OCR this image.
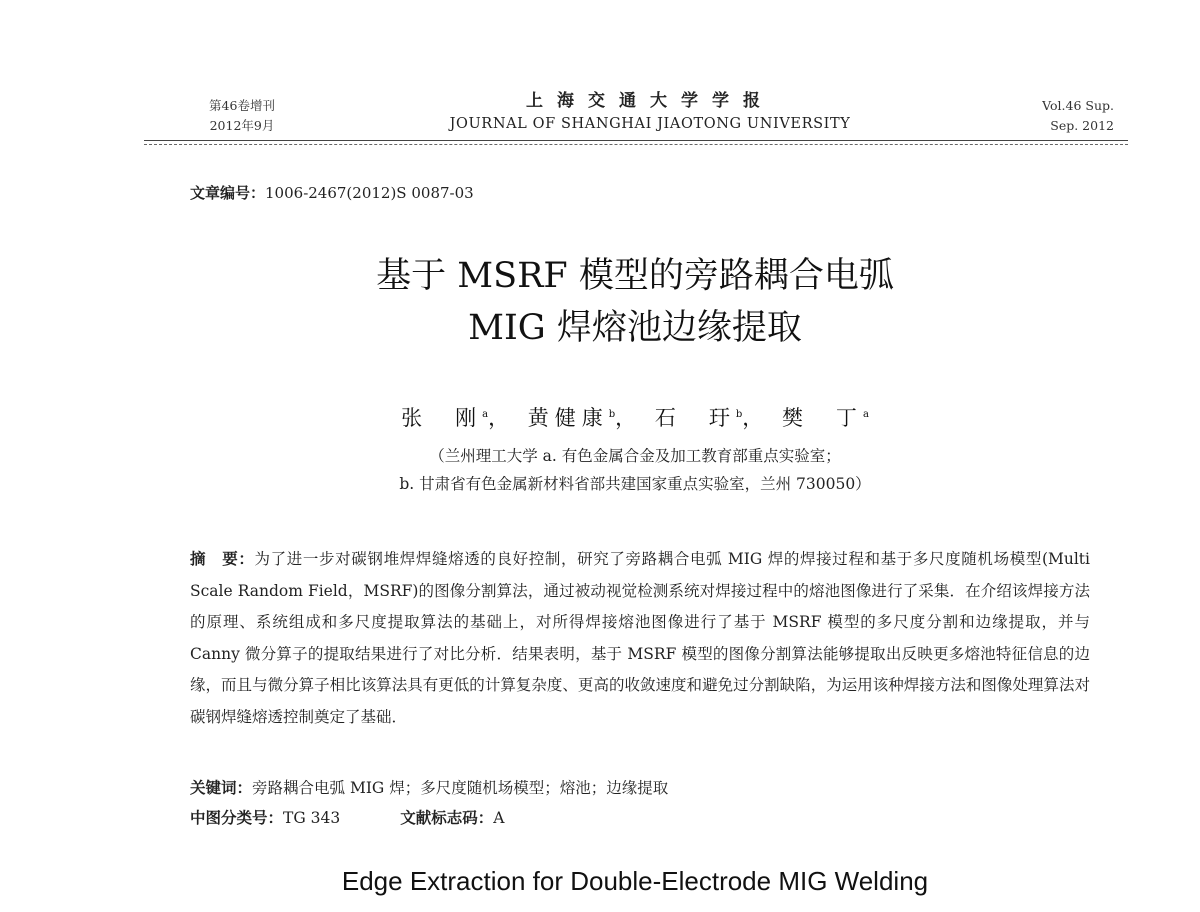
第46卷增刊
2012年9月
上海交通大学学报
JOURNAL OF SHANGHAI JIAOTONG UNIVERSITY
Vol.46 Sup.
Sep. 2012
文章编号：1006-2467(2012)S 0087-03
基于 MSRF 模型的旁路耦合电弧
MIG 焊熔池边缘提取
张　刚$^a$， 黄健康$^b$， 石　玗$^b$， 樊　丁$^a$
（兰州理工大学 a. 有色金属合金及加工教育部重点实验室；
b. 甘肃省有色金属新材料省部共建国家重点实验室，兰州 730050）
摘　要：为了进一步对碳钢堆焊焊缝熔透的良好控制，研究了旁路耦合电弧 MIG 焊的焊接过程和基于多尺度随机场模型(Multi Scale Random Field，MSRF)的图像分割算法，通过被动视觉检测系统对焊接过程中的熔池图像进行了采集．在介绍该焊接方法的原理、系统组成和多尺度提取算法的基础上，对所得焊接熔池图像进行了基于 MSRF 模型的多尺度分割和边缘提取，并与 Canny 微分算子的提取结果进行了对比分析．结果表明，基于 MSRF 模型的图像分割算法能够提取出反映更多熔池特征信息的边缘，而且与微分算子相比该算法具有更低的计算复杂度、更高的收敛速度和避免过分割缺陷，为运用该种焊接方法和图像处理算法对碳钢焊缝熔透控制奠定了基础．
关键词：旁路耦合电弧 MIG 焊；多尺度随机场模型；熔池；边缘提取
中图分类号：TG 343	文献标志码：A
Edge Extraction for Double-Electrode MIG Welding
